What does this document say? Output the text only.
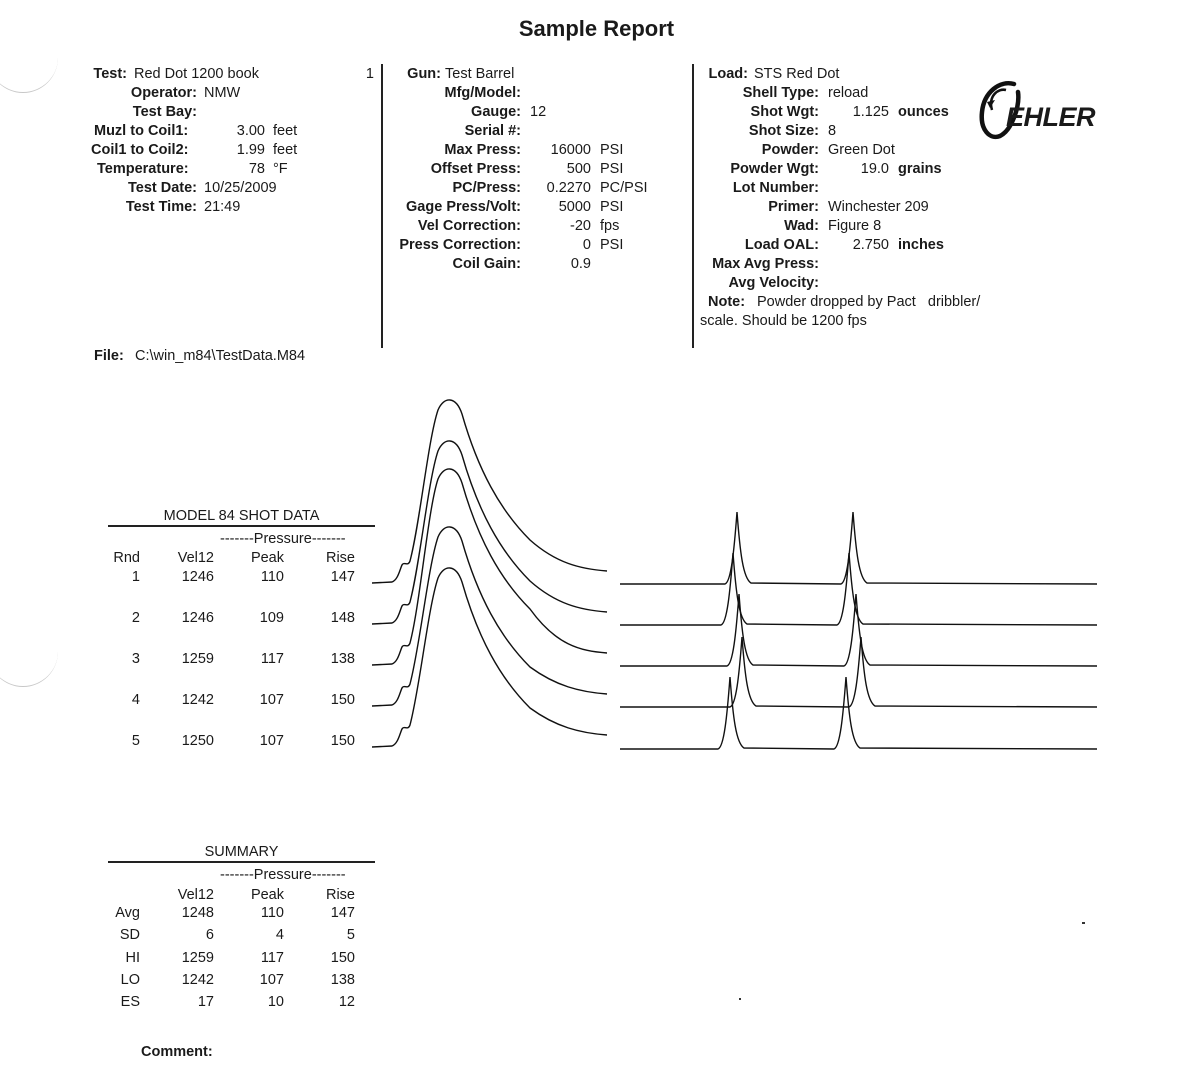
Sample Report
Test: Red Dot 1200 book	1
Operator: NMW
Test Bay:
Muzl to Coil1:	3.00 feet
Coil1 to Coil2:	1.99 feet
Temperature:	78 °F
Test Date: 10/25/2009
Test Time: 21:49
Gun: Test Barrel
Mfg/Model:
Gauge: 12
Serial #:
Max Press: 16000 PSI
Offset Press:	500 PSI
PC/Press: 0.2270 PC/PSI
Gage Press/Volt:	5000 PSI
Vel Correction:	-20 fps
Press Correction:	0 PSI
Coil Gain:	0.9
Load: STS Red Dot
Shell Type: reload
Shot Wgt: 1.125 ounces
Shot Size: 8
Powder: Green Dot
Powder Wgt:	19.0 grains
Lot Number:
Primer: Winchester 209
Wad: Figure 8
Load OAL: 2.750 inches
Max Avg Press:
Avg Velocity:
Note: Powder dropped by Pact   dribbler/
scale. Should be 1200 fps
EHLER
File: C:\win_m84\TestData.M84
MODEL 84 SHOT DATA
-------Pressure-------
Rnd	Vel12	Peak	Rise
1	1246	110	147
2	1246	109	148
3	1259	117	138
4	1242	107	150
5	1250	107	150
SUMMARY
-------Pressure-------
Vel12	Peak	Rise
Avg	1248	110	147
SD	6	4	5
HI	1259	117	150
LO	1242	107	138
ES	17	10	12
Comment:
